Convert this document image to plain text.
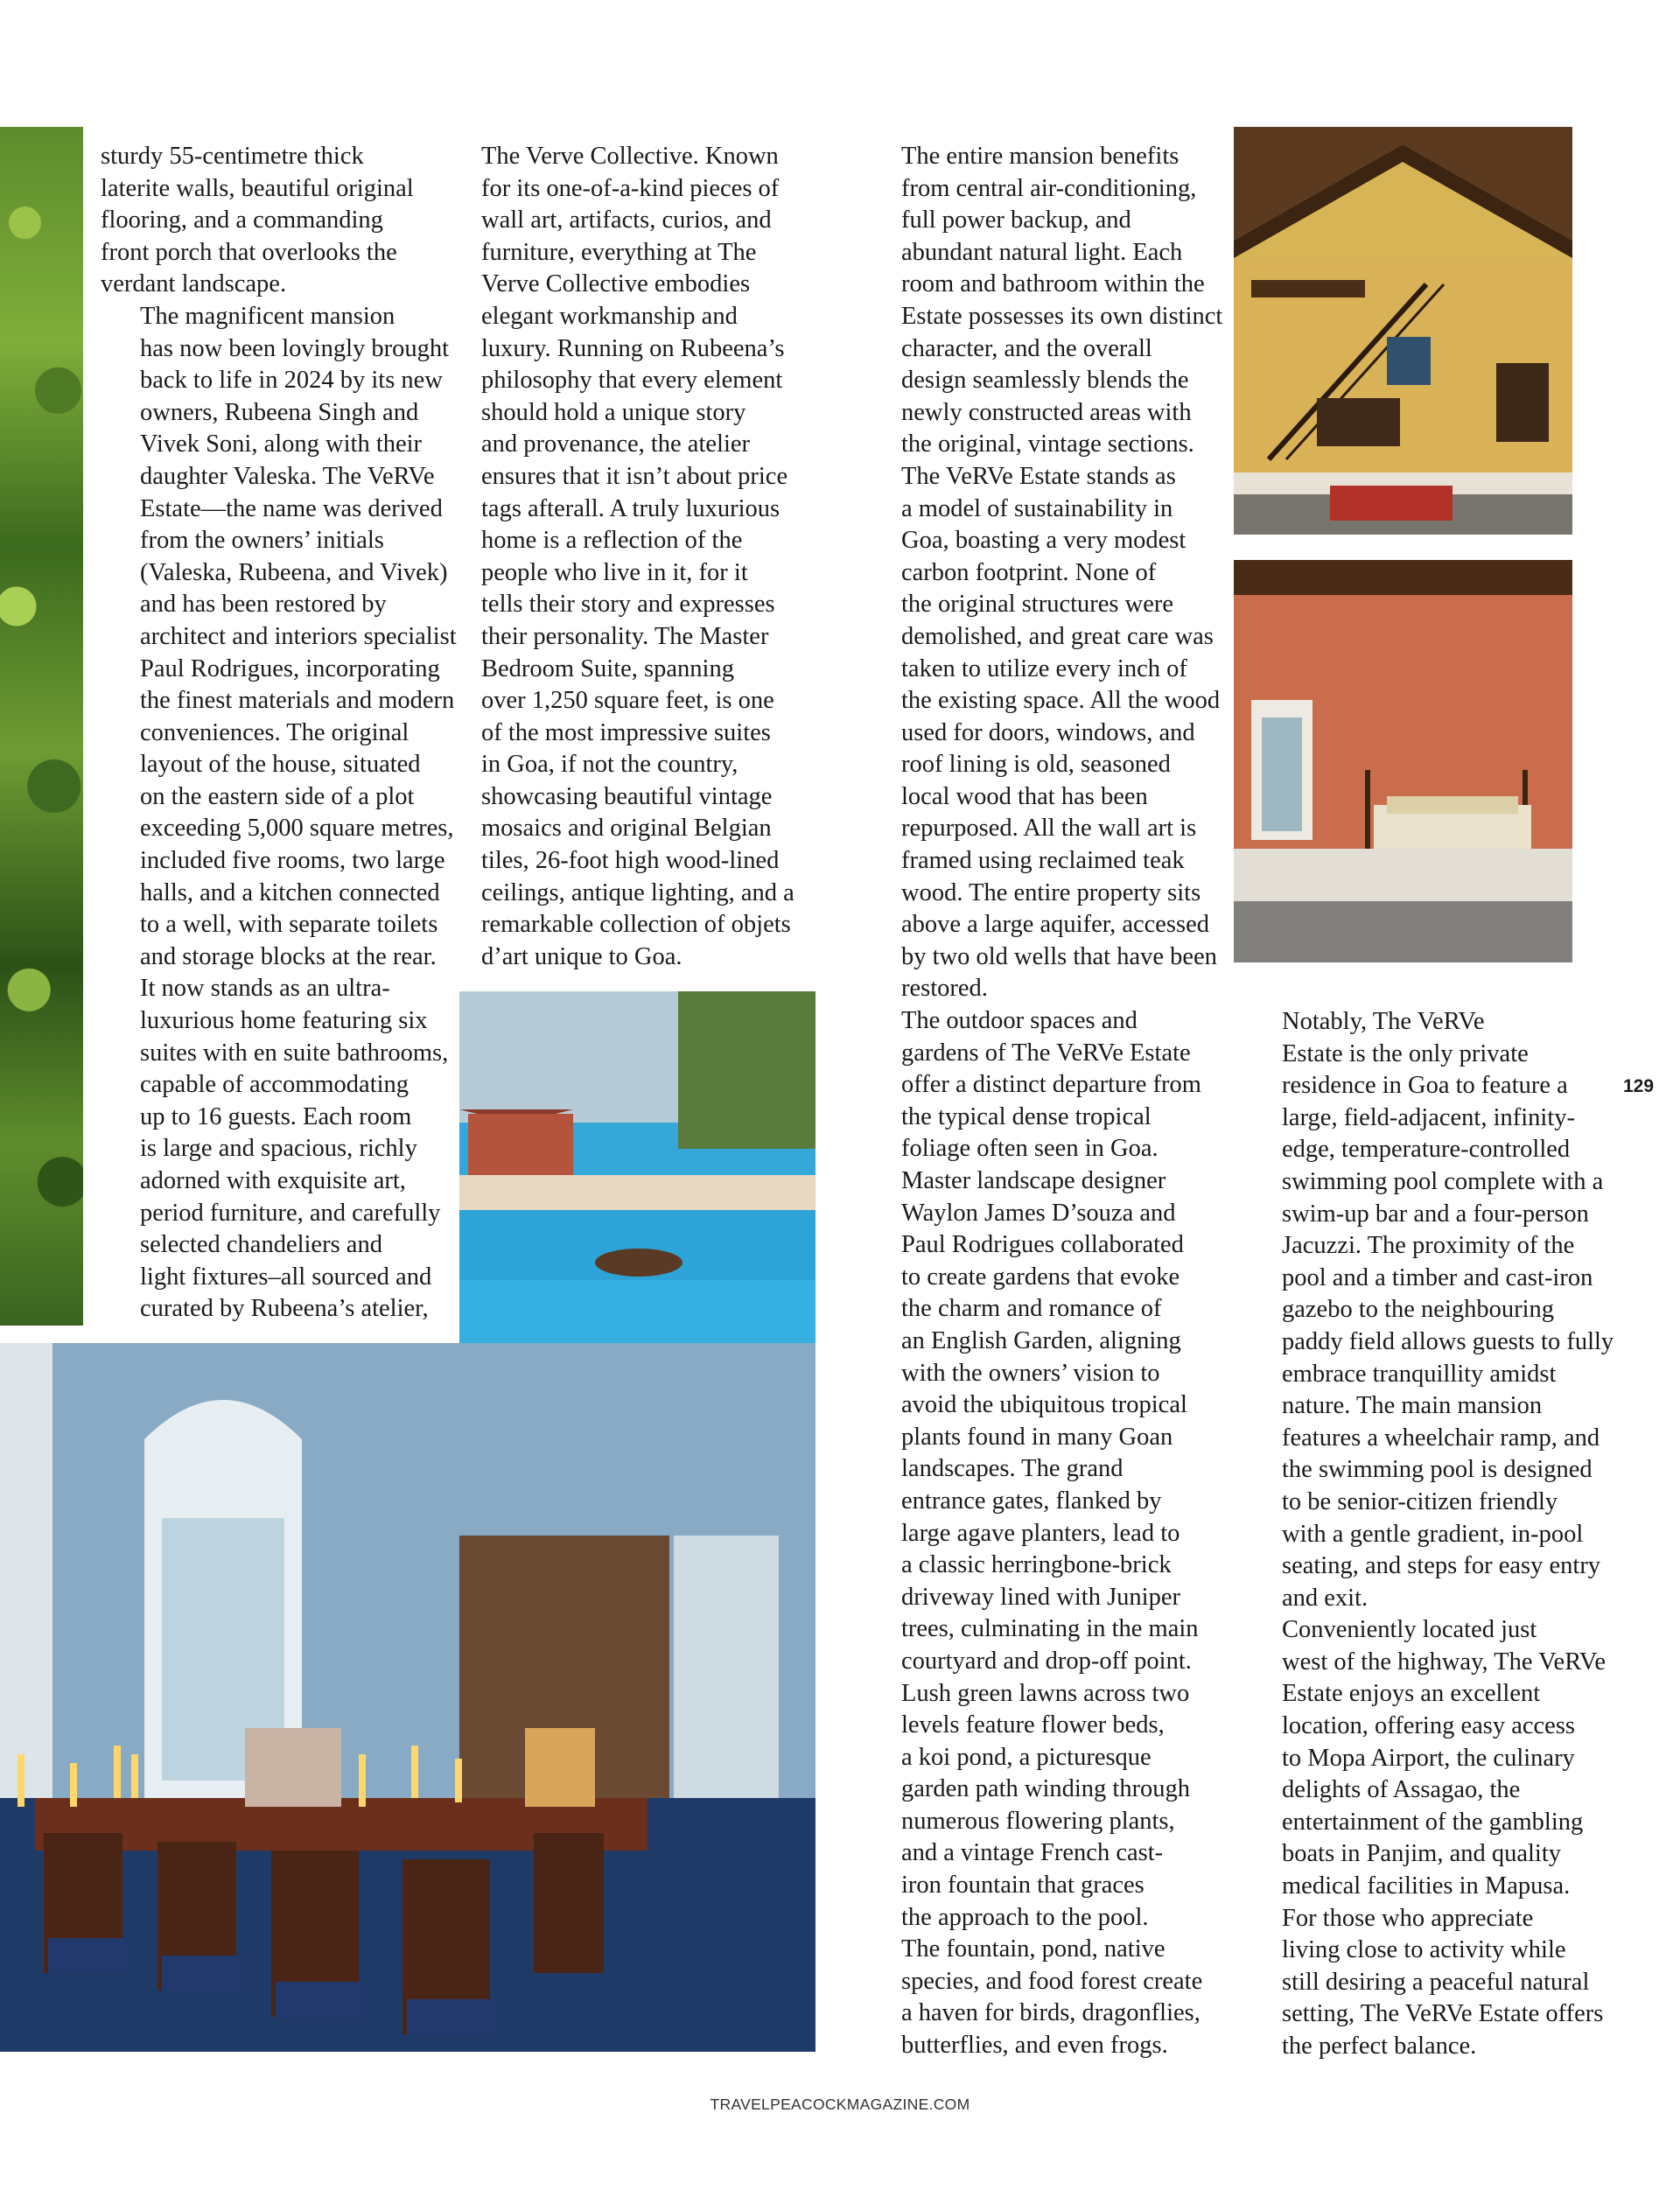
sturdy 55-centimetre thick
laterite walls, beautiful original
flooring, and a commanding
front porch that overlooks the
verdant landscape.

The magnificent mansion
has now been lovingly brought
back to life in 2024 by its new
owners, Rubeena Singh and
Vivek Soni, along with their
daughter Valeska. The VeRVe
Estate—the name was derived
from the owners’ initials
(Valeska, Rubeena, and Vivek)
and has been restored by
architect and interiors specialist
Paul Rodrigues, incorporating
the finest materials and modern
conveniences. The original
layout of the house, situated
on the eastern side of a plot
exceeding 5,000 square metres,
included five rooms, two large
halls, and a kitchen connected
to a well, with separate toilets
and storage blocks at the rear.
It now stands as an ultra-
luxurious home featuring six
suites with en suite bathrooms,
capable of accommodating
up to 16 guests. Each room
is large and spacious, richly
adorned with exquisite art,
period furniture, and carefully
selected chandeliers and
light fixtures–all sourced and
curated by Rubeena’s atelier,

The Verve Collective. Known
for its one-of-a-kind pieces of
wall art, artifacts, curios, and
furniture, everything at The
Verve Collective embodies
elegant workmanship and
luxury. Running on Rubeena’s
philosophy that every element
should hold a unique story
and provenance, the atelier
ensures that it isn’t about price
tags afterall. A truly luxurious
home is a reflection of the
people who live in it, for it
tells their story and expresses
their personality. The Master
Bedroom Suite, spanning
over 1,250 square feet, is one
of the most impressive suites
in Goa, if not the country,
showcasing beautiful vintage
mosaics and original Belgian
tiles, 26-foot high wood-lined
ceilings, antique lighting, and a
remarkable collection of objets
d’art unique to Goa.

The entire mansion benefits
from central air-conditioning,
full power backup, and
abundant natural light. Each
room and bathroom within the
Estate possesses its own distinct
character, and the overall
design seamlessly blends the
newly constructed areas with
the original, vintage sections.
The VeRVe Estate stands as
a model of sustainability in
Goa, boasting a very modest
carbon footprint. None of
the original structures were
demolished, and great care was
taken to utilize every inch of
the existing space. All the wood
used for doors, windows, and
roof lining is old, seasoned
local wood that has been
repurposed. All the wall art is
framed using reclaimed teak
wood. The entire property sits
above a large aquifer, accessed
by two old wells that have been
restored.

The outdoor spaces and
gardens of The VeRVe Estate
offer a distinct departure from
the typical dense tropical
foliage often seen in Goa.
Master landscape designer
Waylon James D’souza and
Paul Rodrigues collaborated
to create gardens that evoke
the charm and romance of
an English Garden, aligning
with the owners’ vision to
avoid the ubiquitous tropical
plants found in many Goan
landscapes. The grand
entrance gates, flanked by
large agave planters, lead to
a classic herringbone-brick
driveway lined with Juniper
trees, culminating in the main
courtyard and drop-off point.
Lush green lawns across two
levels feature flower beds,
a koi pond, a picturesque
garden path winding through
numerous flowering plants,
and a vintage French cast-
iron fountain that graces
the approach to the pool.
The fountain, pond, native
species, and food forest create
a haven for birds, dragonflies,
butterflies, and even frogs.

Notably, The VeRVe
Estate is the only private
residence in Goa to feature a
large, field-adjacent, infinity-
edge, temperature-controlled
swimming pool complete with a
swim-up bar and a four-person
Jacuzzi. The proximity of the
pool and a timber and cast-iron
gazebo to the neighbouring
paddy field allows guests to fully
embrace tranquillity amidst
nature. The main mansion
features a wheelchair ramp, and
the swimming pool is designed
to be senior-citizen friendly
with a gentle gradient, in-pool
seating, and steps for easy entry
and exit.

Conveniently located just
west of the highway, The VeRVe
Estate enjoys an excellent
location, offering easy access
to Mopa Airport, the culinary
delights of Assagao, the
entertainment of the gambling
boats in Panjim, and quality
medical facilities in Mapusa.
For those who appreciate
living close to activity while
still desiring a peaceful natural
setting, The VeRVe Estate offers
the perfect balance.

129
TRAVELPEACOCKMAGAZINE.COM
